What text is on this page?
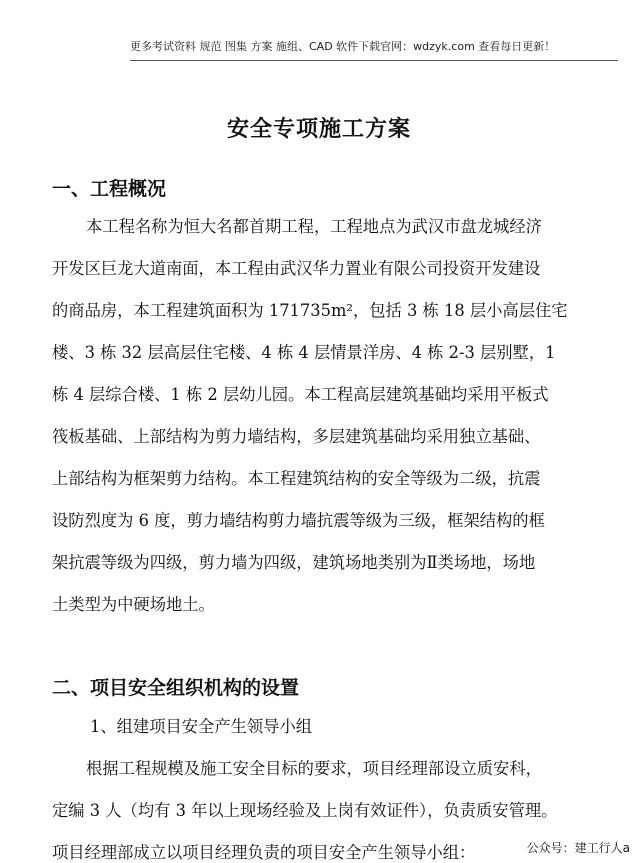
更多考试资料 规范 图集 方案 施组、CAD 软件下载官网：wdzyk.com 查看每日更新！
安全专项施工方案
一、工程概况
本工程名称为恒大名都首期工程，工程地点为武汉市盘龙城经济
开发区巨龙大道南面，本工程由武汉华力置业有限公司投资开发建设
的商品房，本工程建筑面积为 171735m²，包括 3 栋 18 层小高层住宅
楼、3 栋 32 层高层住宅楼、4 栋 4 层情景洋房、4 栋 2-3 层别墅，1
栋 4 层综合楼、1 栋 2 层幼儿园。本工程高层建筑基础均采用平板式
筏板基础、上部结构为剪力墙结构，多层建筑基础均采用独立基础、
上部结构为框架剪力结构。本工程建筑结构的安全等级为二级，抗震
设防烈度为 6 度，剪力墙结构剪力墙抗震等级为三级，框架结构的框
架抗震等级为四级，剪力墙为四级，建筑场地类别为Ⅱ类场地，场地
土类型为中硬场地土。
二、项目安全组织机构的设置
1、组建项目安全产生领导小组
根据工程规模及施工安全目标的要求，项目经理部设立质安科，
定编 3 人（均有 3 年以上现场经验及上岗有效证件），负责质安管理。
项目经理部成立以项目经理负责的项目安全产生领导小组：	公众号：建工行人a
